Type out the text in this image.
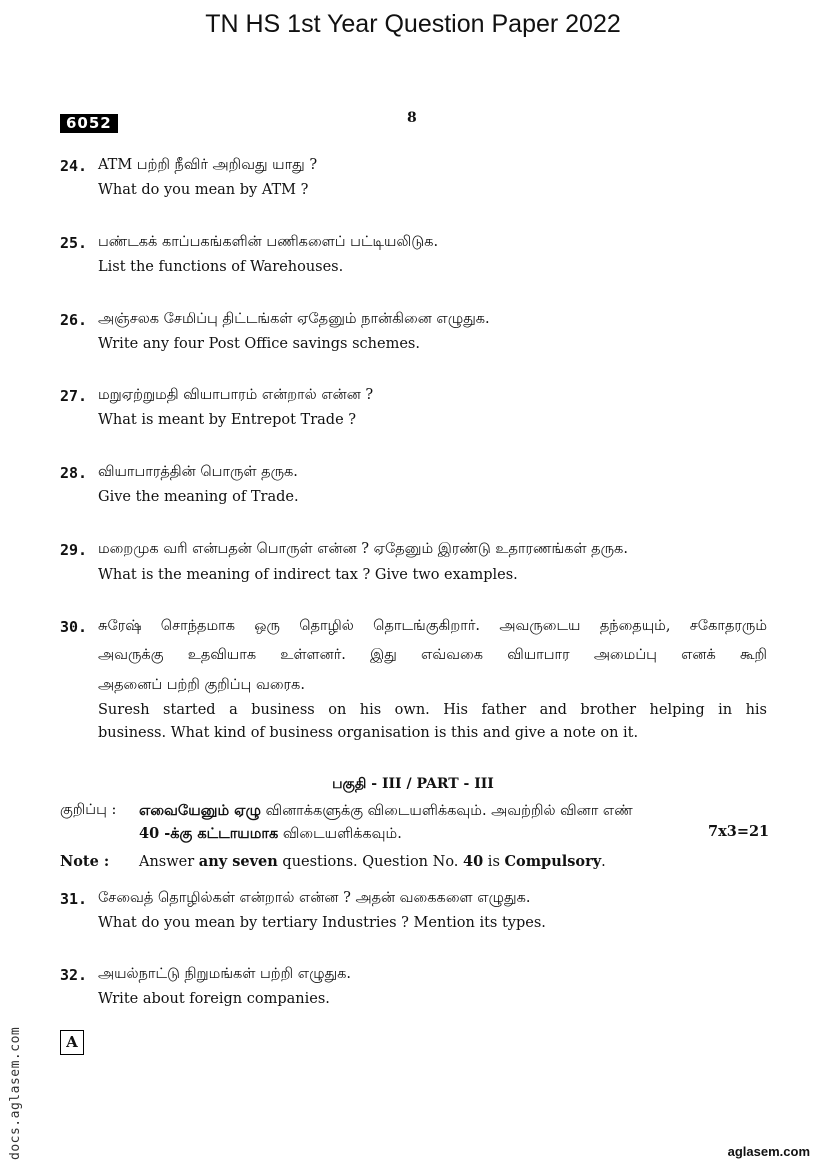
TN HS 1st Year Question Paper 2022
6052	8
24. ATM பற்றி நீவிர் அறிவது யாது ?
What do you mean by ATM ?
25. பண்டகக் காப்பகங்களின் பணிகளைப் பட்டியலிடுக.
List the functions of Warehouses.
26. அஞ்சலக சேமிப்பு திட்டங்கள் ஏதேனும் நான்கினை எழுதுக.
Write any four Post Office savings schemes.
27. மறுஏற்றுமதி வியாபாரம் என்றால் என்ன ?
What is meant by Entrepot Trade ?
28. வியாபாரத்தின் பொருள் தருக.
Give the meaning of Trade.
29. மறைமுக வரி என்பதன் பொருள் என்ன ? ஏதேனும் இரண்டு உதாரணங்கள் தருக.
What is the meaning of indirect tax ? Give two examples.
30. சுரேஷ் சொந்தமாக ஒரு தொழில் தொடங்குகிறார். அவருடைய தந்தையும், சகோதரரும்
அவருக்கு உதவியாக உள்ளனர். இது எவ்வகை வியாபார அமைப்பு எனக் கூறி
அதனைப் பற்றி குறிப்பு வரைக.
Suresh started a business on his own. His father and brother helping in his
business. What kind of business organisation is this and give a note on it.
பகுதி - III / PART - III
குறிப்பு : எவையேனும் ஏழு வினாக்களுக்கு விடையளிக்கவும். அவற்றில் வினா எண்
40 -க்கு கட்டாயமாக விடையளிக்கவும்.	7x3=21
Note : Answer any seven questions. Question No. 40 is Compulsory.
31. சேவைத் தொழில்கள் என்றால் என்ன ? அதன் வகைகளை எழுதுக.
What do you mean by tertiary Industries ? Mention its types.
32. அயல்நாட்டு நிறுமங்கள் பற்றி எழுதுக.
Write about foreign companies.
A
docs.aglasem.com	aglasem.com
